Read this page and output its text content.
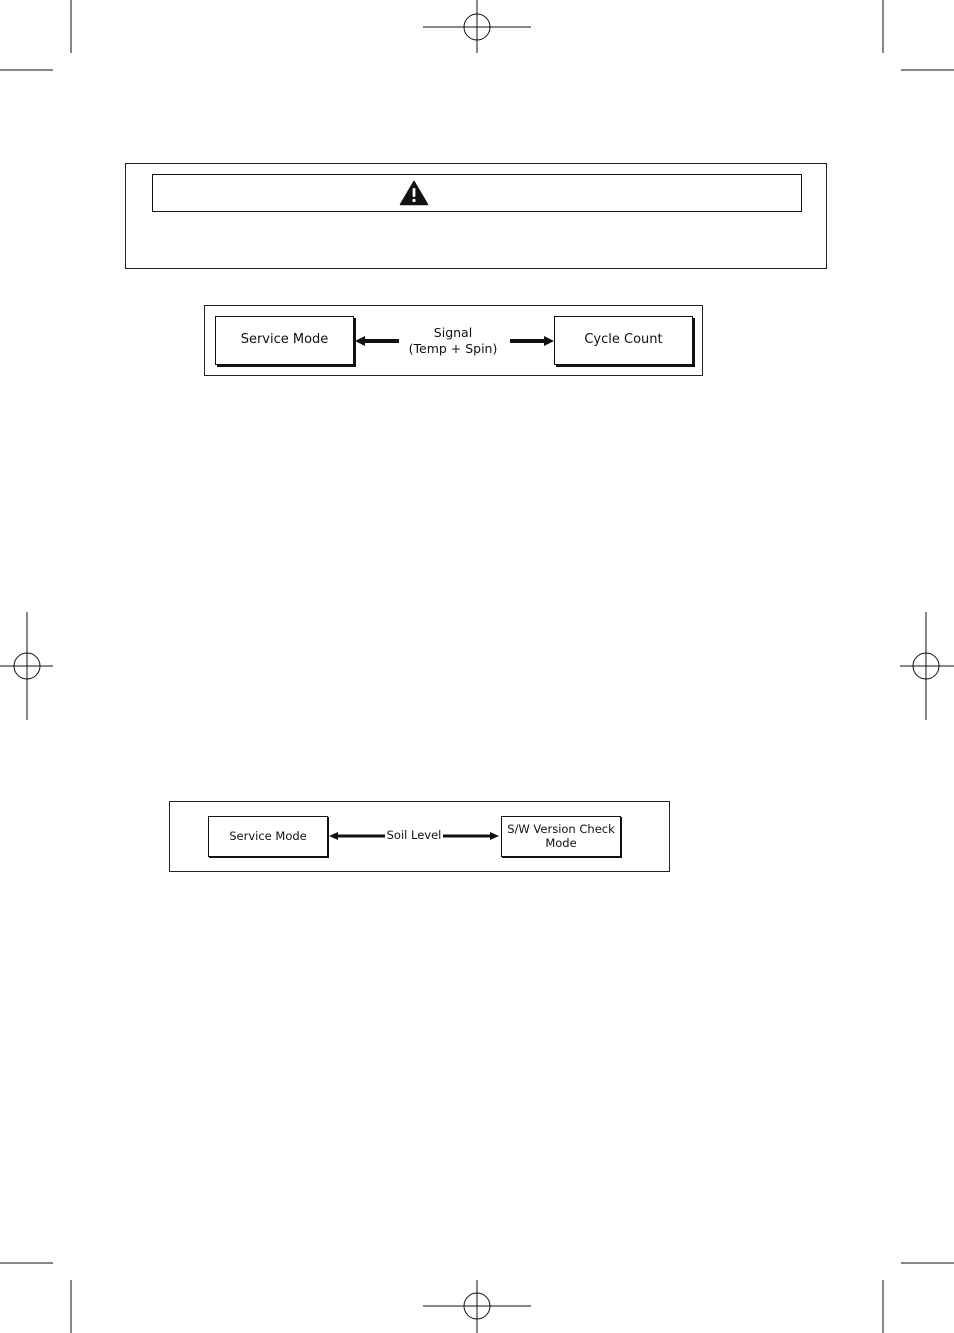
Service Mode	Signal
(Temp + Spin)
Cycle Count
Service Mode	Soil Level	S/W Version Check
Mode
